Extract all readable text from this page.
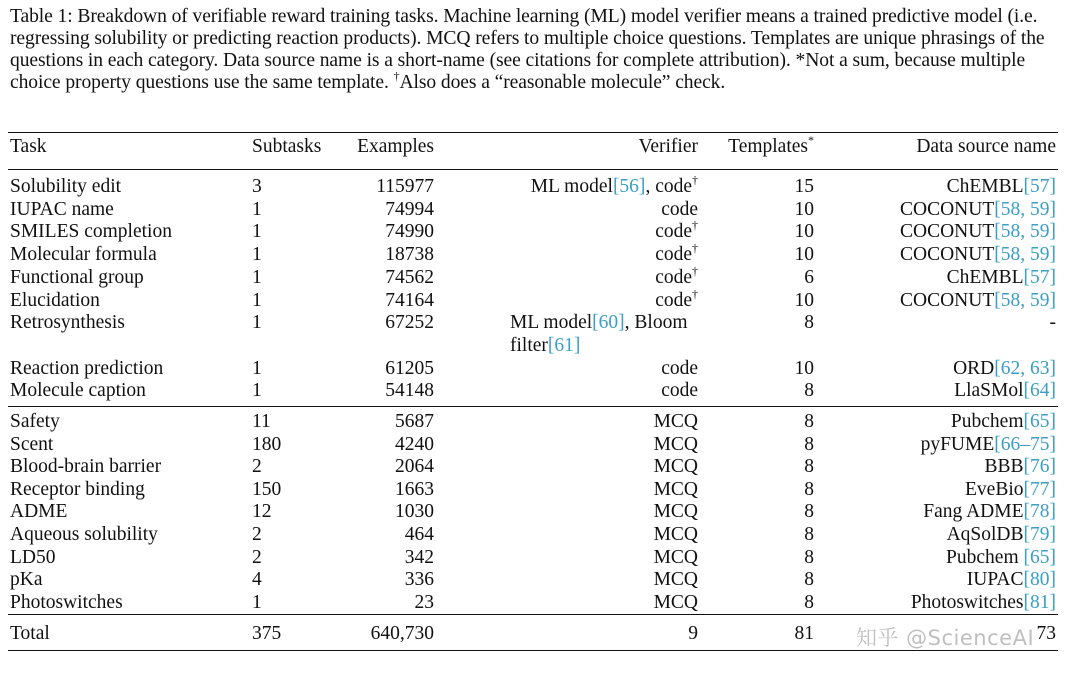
Table 1: Breakdown of verifiable reward training tasks. Machine learning (ML) model verifier means a trained predictive model (i.e. regressing solubility or predicting reaction products). MCQ refers to multiple choice questions. Templates are unique phrasings of the questions in each category. Data source name is a short-name (see citations for complete attribution). *Not a sum, because multiple choice property questions use the same template. †Also does a “reasonable molecule” check.
Task	Subtasks	Examples	Verifier	Templates*	Data source name
Solubility edit	3	115977	ML model[56], code†	15	ChEMBL[57]
IUPAC name	1	74994	code	10	COCONUT[58, 59]
SMILES completion	1	74990	code†	10	COCONUT[58, 59]
Molecular formula	1	18738	code†	10	COCONUT[58, 59]
Functional group	1	74562	code†	6	ChEMBL[57]
Elucidation	1	74164	code†	10	COCONUT[58, 59]
Retrosynthesis	1	67252	ML model[60], Bloom filter[61]	8	-
Reaction prediction	1	61205	code	10	ORD[62, 63]
Molecule caption	1	54148	code	8	LlaSMol[64]
Safety	11	5687	MCQ	8	Pubchem[65]
Scent	180	4240	MCQ	8	pyFUME[66–75]
Blood-brain barrier	2	2064	MCQ	8	BBB[76]
Receptor binding	150	1663	MCQ	8	EveBio[77]
ADME	12	1030	MCQ	8	Fang ADME[78]
Aqueous solubility	2	464	MCQ	8	AqSolDB[79]
LD50	2	342	MCQ	8	Pubchem [65]
pKa	4	336	MCQ	8	IUPAC[80]
Photoswitches	1	23	MCQ	8	Photoswitches[81]
Total	375	640,730	9	81	73
知乎 @ScienceAI
